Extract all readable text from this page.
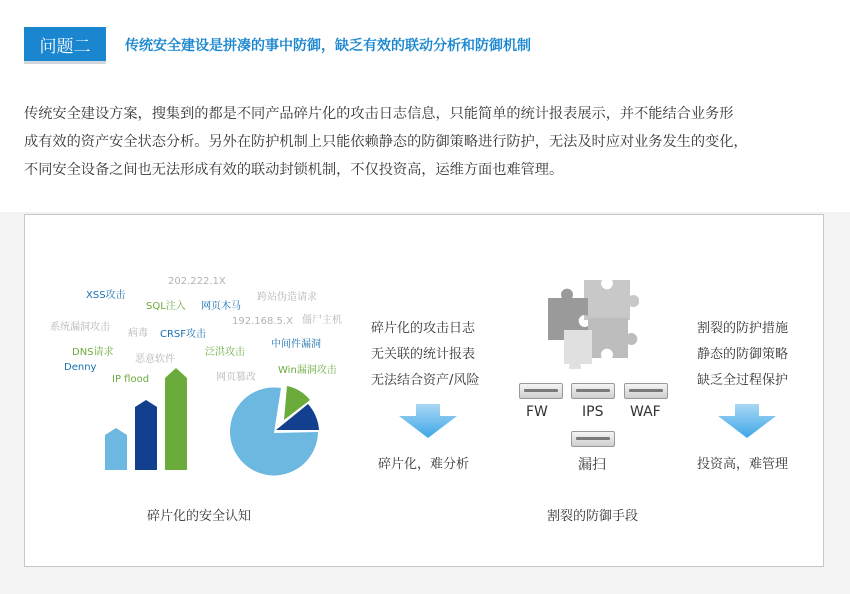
问题二 传统安全建设是拼凑的事中防御，缺乏有效的联动分析和防御机制
传统安全建设方案，搜集到的都是不同产品碎片化的攻击日志信息，只能简单的统计报表展示，并不能结合业务形
成有效的资产安全状态分析。另外在防护机制上只能依赖静态的防御策略进行防护，无法及时应对业务发生的变化，
不同安全设备之间也无法形成有效的联动封锁机制，不仅投资高，运维方面也难管理。
XSS攻击
202.222.1X
跨站伪造请求
SQL注入 网页木马
系统漏洞攻击
僵尸主机
病毒 CRSF攻击
192.168.5.X
中间件漏洞
DNS请求
恶意软件
泛洪攻击
Denny
IP flood	网页篡改
Win漏洞攻击
碎片化的安全认知
碎片化的攻击日志
无关联的统计报表
无法结合资产/风险
碎片化，难分析
FW IPS WAF
漏扫
割裂的防御手段
割裂的防护措施
静态的防御策略
缺乏全过程保护
投资高，难管理
